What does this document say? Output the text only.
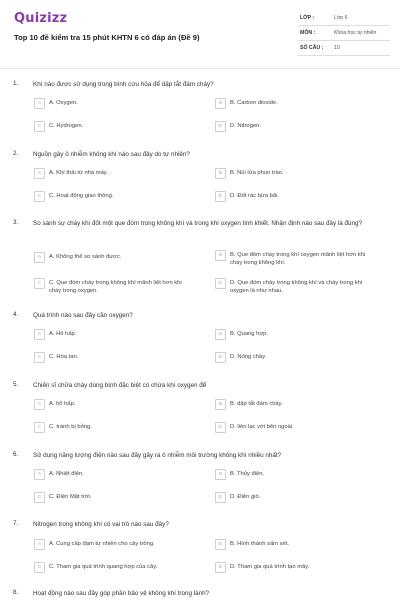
Quizizz
Top 10 đề kiểm tra 15 phút KHTN 6 có đáp án (Đề 9)
LỚP :	Lớp 6
MÔN :	Khoa học tự nhiên
SỐ CÂU : 10
1. Khí nào được sử dụng trong bình cứu hỏa để dập tắt đám cháy?
A	A. Oxygen.	B	B. Carbon dioxide.
C	C. Hydrogen.	D	D. Nitrogen.
2. Nguồn gây ô nhiễm không khí nào sau đây do tự nhiên?
A	A. Khí thải từ nhà máy.	B	B. Núi lửa phun trào.
C	C. Hoạt động giao thông.	D	D. Đốt rác bừa bãi.
3. So sánh sự cháy khi đốt một que đóm trong không khí và trong khí oxygen tinh khiết. Nhận định nào sau đây là đúng?
A	A. Không thể so sánh được.	B	B. Que đóm cháy trong khí oxygen mãnh liệt hơn khi cháy trong không khí.
C	C. Que đóm cháy trong không khí mãnh liệt hơn khi cháy trong oxygen.
D	D. Que đóm cháy trong không khí và cháy trong khí oxygen là như nhau.
4. Quá trình nào sau đây cần oxygen?
A	A. Hô hấp.	B	B. Quang hợp.
C	C. Hòa tan.	D	D. Nóng chảy.
5. Chiến sĩ chữa cháy dùng bình đặc biệt có chứa khí oxygen để
A	A. hô hấp.	B	B. dập tắt đám cháy.
C	C. tránh bị bỏng.	D	D. liên lạc với bên ngoài.
6. Sử dụng năng lượng điện nào sau đây gây ra ô nhiễm môi trường không khí nhiều nhất?
A	A. Nhiệt điện.	B	B. Thủy điện.
C	C. Điện Mặt trời.	D	D. Điện gió.
7. Nitrogen trong không khí có vai trò nào sau đây?
A	A. Cung cấp đạm tự nhiên cho cây trồng.	B	B. Hình thành sấm sét.
C	C. Tham gia quá trình quang hợp của cây.	D	D. Tham gia quá trình tạo mây.
8. Hoạt động nào sau đây góp phần bảo vệ không khí trong lành?
